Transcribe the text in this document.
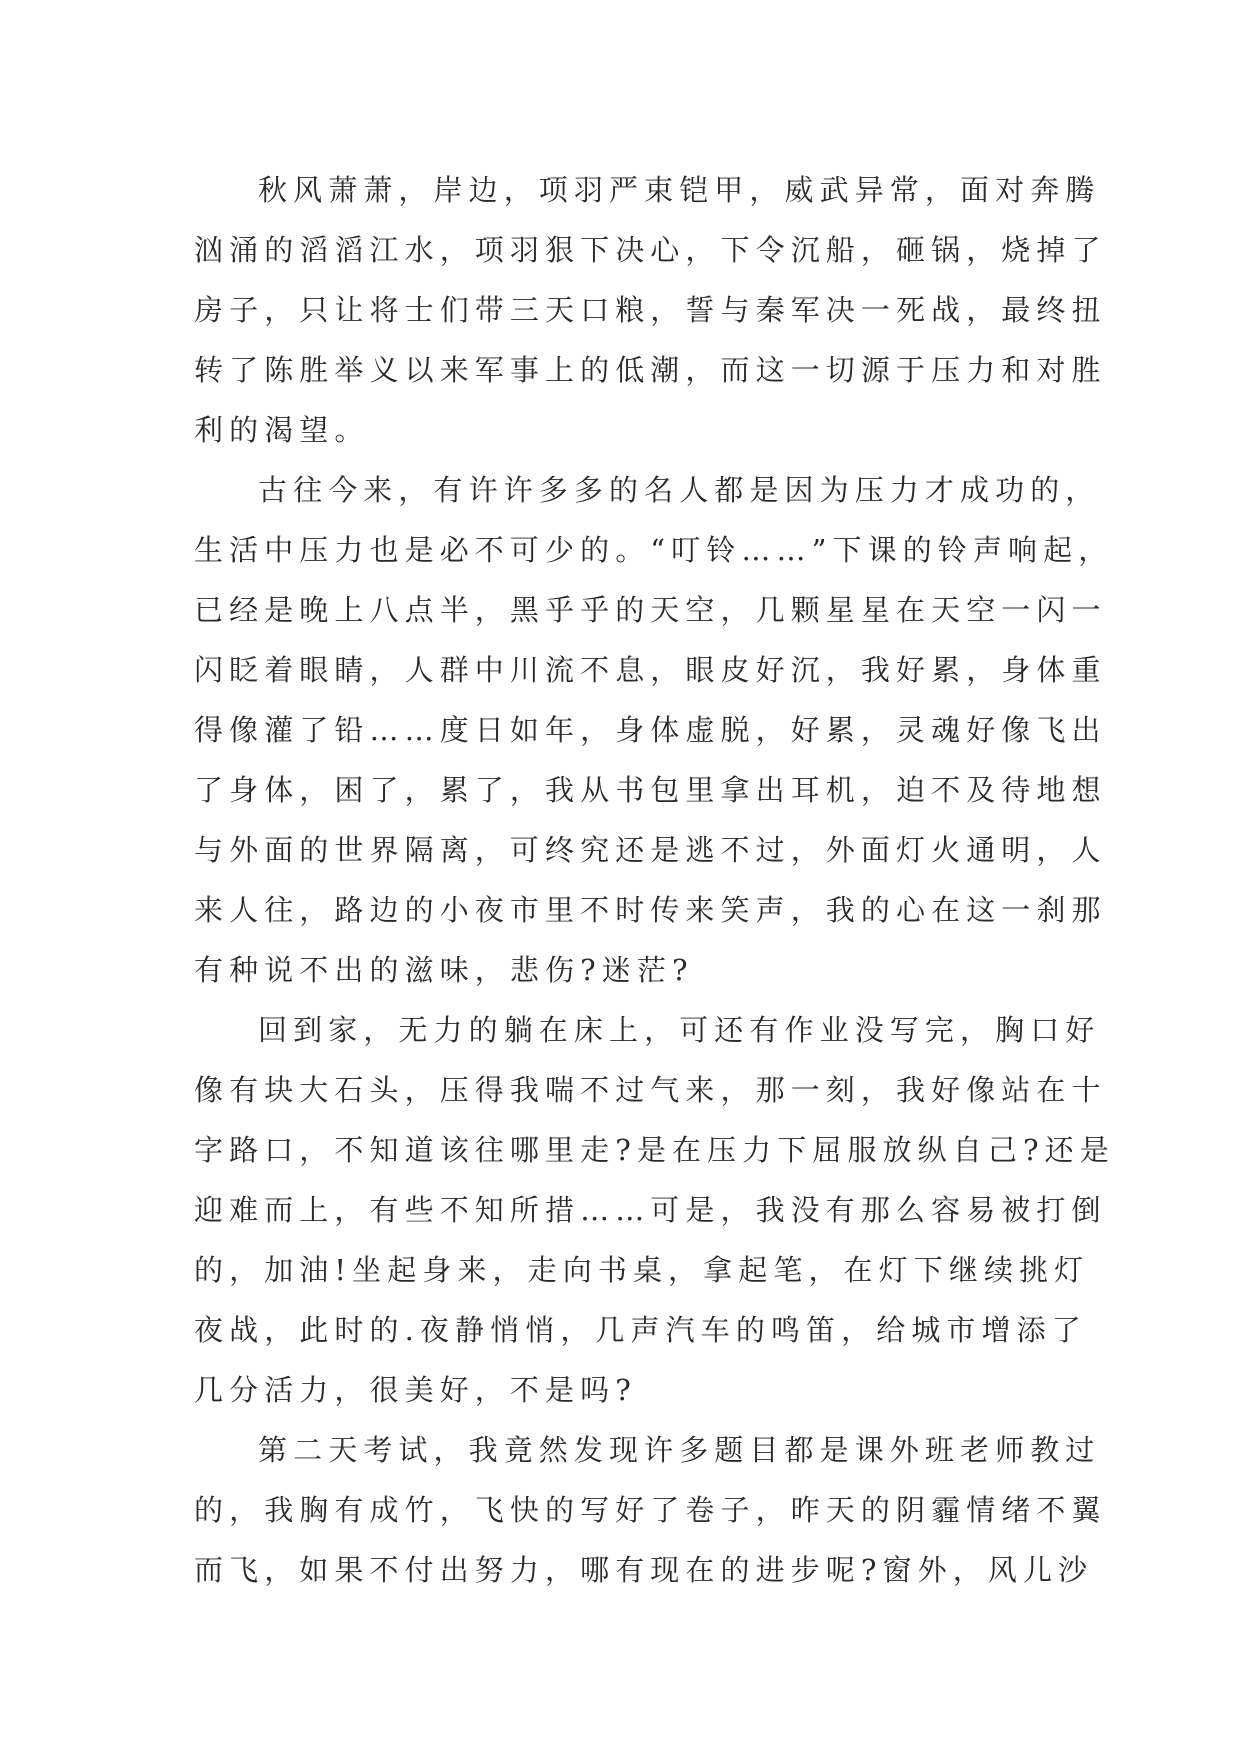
秋风萧萧，岸边，项羽严束铠甲，威武异常，面对奔腾
汹涌的滔滔江水，项羽狠下决心，下令沉船，砸锅，烧掉了
房子，只让将士们带三天口粮，誓与秦军决一死战，最终扭
转了陈胜举义以来军事上的低潮，而这一切源于压力和对胜
利的渴望。
古往今来，有许许多多的名人都是因为压力才成功的，
生活中压力也是必不可少的。“叮铃……”下课的铃声响起，
已经是晚上八点半，黑乎乎的天空，几颗星星在天空一闪一
闪眨着眼睛，人群中川流不息，眼皮好沉，我好累，身体重
得像灌了铅……度日如年，身体虚脱，好累，灵魂好像飞出
了身体，困了，累了，我从书包里拿出耳机，迫不及待地想
与外面的世界隔离，可终究还是逃不过，外面灯火通明，人
来人往，路边的小夜市里不时传来笑声，我的心在这一刹那
有种说不出的滋味，悲伤?迷茫?
回到家，无力的躺在床上，可还有作业没写完，胸口好
像有块大石头，压得我喘不过气来，那一刻，我好像站在十
字路口，不知道该往哪里走?是在压力下屈服放纵自己?还是
迎难而上，有些不知所措……可是，我没有那么容易被打倒
的，加油!坐起身来，走向书桌，拿起笔，在灯下继续挑灯
夜战，此时的.夜静悄悄，几声汽车的鸣笛，给城市增添了
几分活力，很美好，不是吗?
第二天考试，我竟然发现许多题目都是课外班老师教过
的，我胸有成竹，飞快的写好了卷子，昨天的阴霾情绪不翼
而飞，如果不付出努力，哪有现在的进步呢?窗外，风儿沙
